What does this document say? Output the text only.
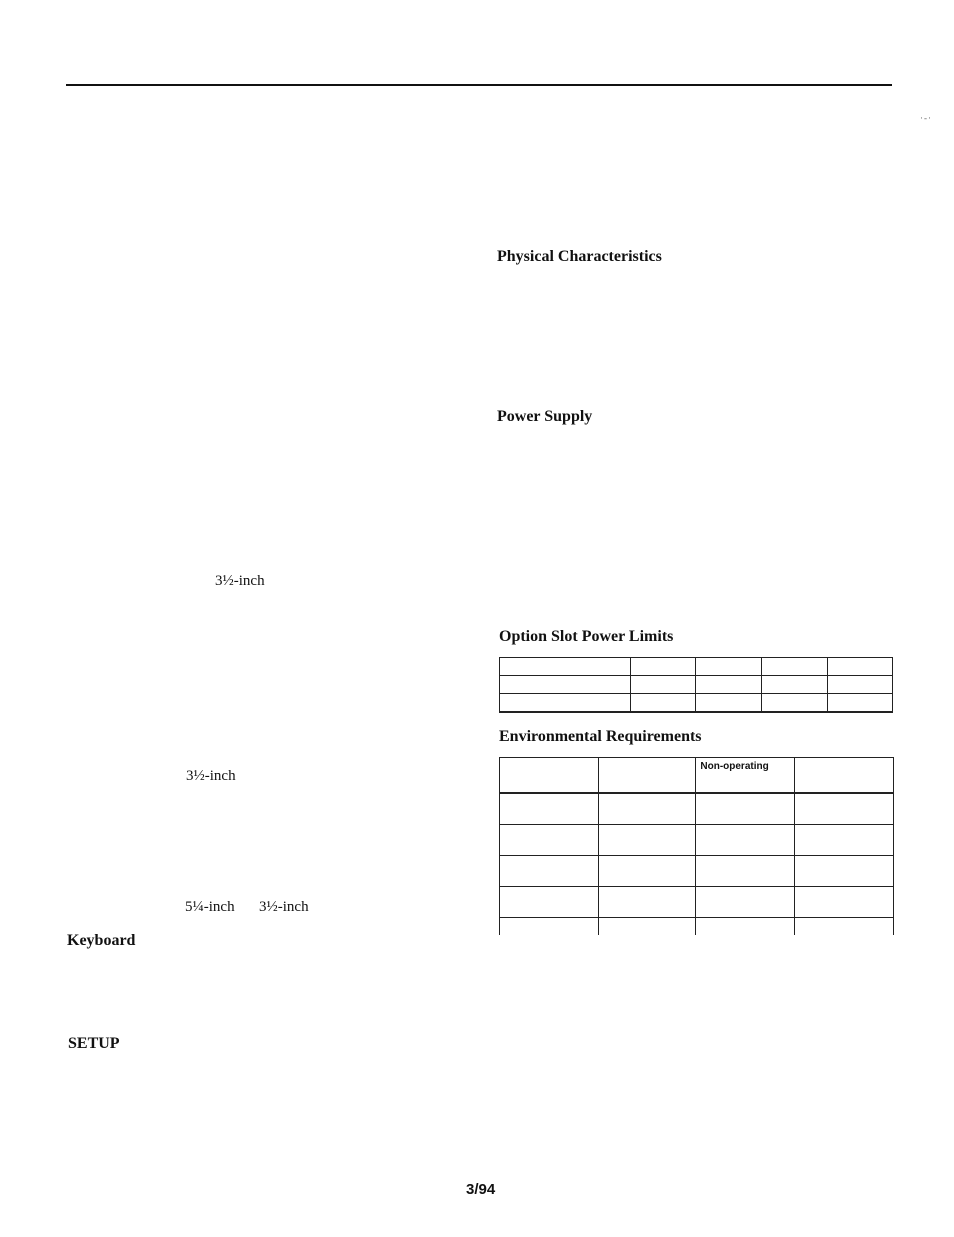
·-·
Physical Characteristics
Power Supply
Option Slot Power Limits
Environmental Requirements
Keyboard
SETUP
3½-inch
3½-inch
5¼-inch 3½-inch

		Non-operating	

3/94
